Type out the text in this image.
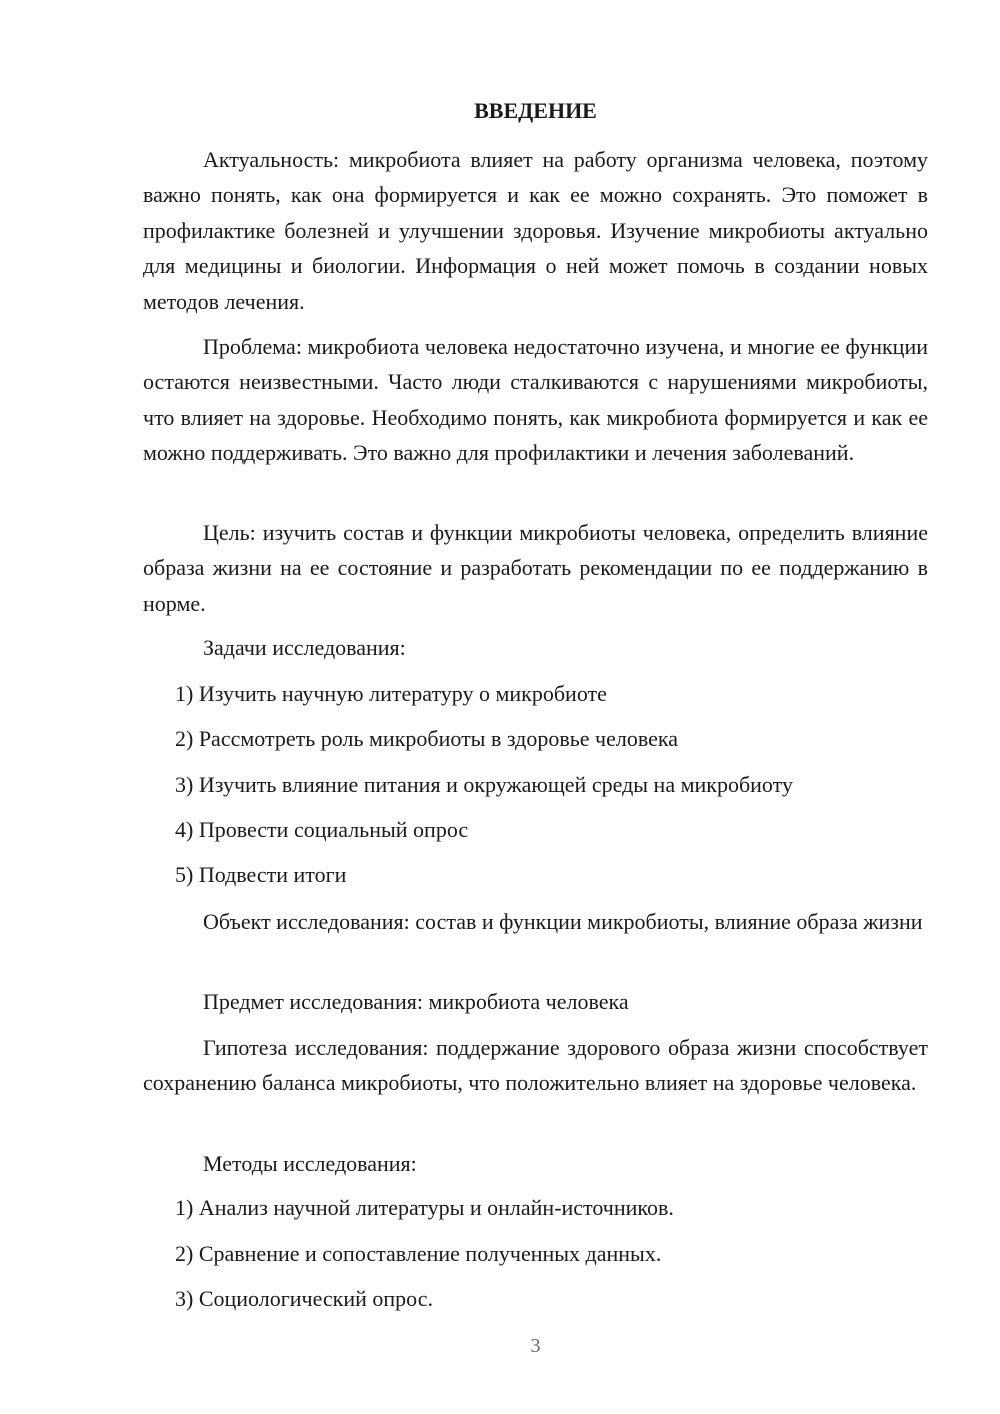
ВВЕДЕНИЕ

Актуальность: микробиота влияет на работу организма человека, поэтому важно понять, как она формируется и как ее можно сохранять. Это поможет в профилактике болезней и улучшении здоровья. Изучение микробиоты актуально для медицины и биологии. Информация о ней может помочь в создании новых методов лечения.

Проблема: микробиота человека недостаточно изучена, и многие ее функции остаются неизвестными. Часто люди сталкиваются с нарушениями микробиоты, что влияет на здоровье. Необходимо понять, как микробиота формируется и как ее можно поддерживать. Это важно для профилактики и лечения заболеваний.

Цель: изучить состав и функции микробиоты человека, определить влияние образа жизни на ее состояние и разработать рекомендации по ее поддержанию в норме.

Задачи исследования:

1) Изучить научную литературу о микробиоте

2) Рассмотреть роль микробиоты в здоровье человека

3) Изучить влияние питания и окружающей среды на микробиоту

4) Провести социальный опрос

5) Подвести итоги

Объект исследования: состав и функции микробиоты, влияние образа жизни

Предмет исследования: микробиота человека

Гипотеза исследования: поддержание здорового образа жизни способствует сохранению баланса микробиоты, что положительно влияет на здоровье человека.

Методы исследования:

1) Анализ научной литературы и онлайн-источников.

2) Сравнение и сопоставление полученных данных.

3) Социологический опрос.

3
